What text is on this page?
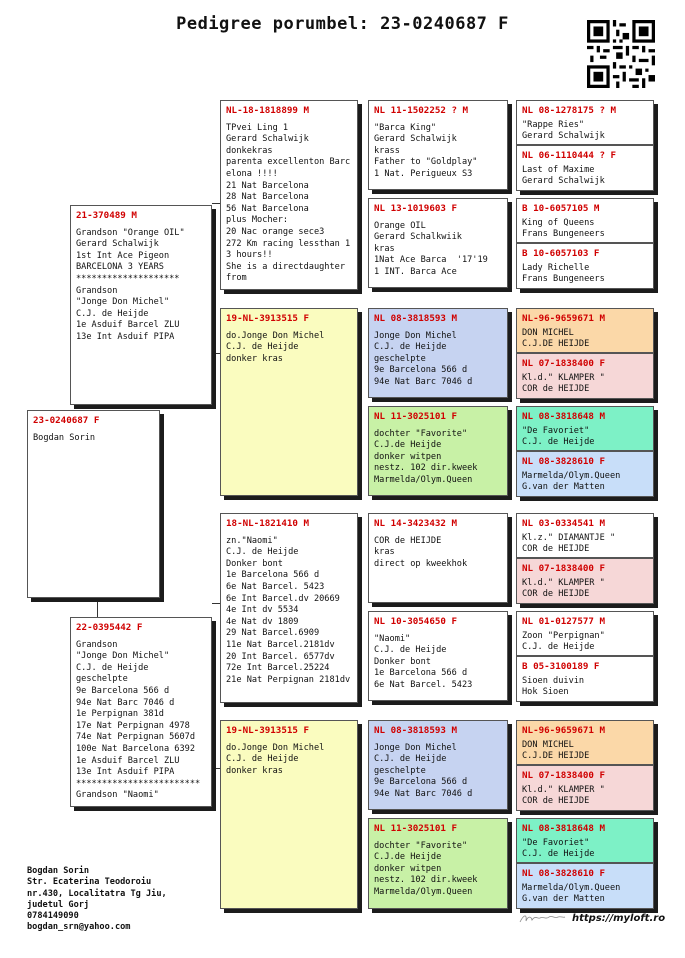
Pedigree porumbel: 23-0240687 F
23-0240687 F
Bogdan Sorin
21-370489 M
Grandson "Orange OIL"
Gerard Schalwijk
1st Int Ace Pigeon
BARCELONA 3 YEARS
********************
Grandson
"Jonge Don Michel"
C.J. de Heijde
1e Asduif Barcel ZLU
13e Int Asduif PIPA
22-0395442 F
Grandson
"Jonge Don Michel"
C.J. de Heijde
geschelpte
9e Barcelona 566 d
94e Nat Barc 7046 d
1e Perpignan 381d
17e Nat Perpignan 4978
74e Nat Perpignan 5607d
100e Nat Barcelona 6392
1e Asduif Barcel ZLU
13e Int Asduif PIPA
************************
Grandson "Naomi"
NL-18-1818899 M
TPvei Ling 1
Gerard Schalwijk
donkekras
parenta excellenton Barc
elona !!!!
21 Nat Barcelona
28 Nat Barcelona
56 Nat Barcelona
plus Mocher:
20 Nac orange sece3
272 Km racing lessthan 1
3 hours!!
She is a directdaughter
from
19-NL-3913515 F
do.Jonge Don Michel
C.J. de Heijde
donker kras
18-NL-1821410 M
zn."Naomi"
C.J. de Heijde
Donker bont
1e Barcelona 566 d
6e Nat Barcel. 5423
6e Int Barcel.dv 20669
4e Int dv 5534
4e Nat dv 1809
29 Nat Barcel.6909
11e Nat Barcel.2181dv
20 Int Barcel. 6577dv
72e Int Barcel.25224
21e Nat Perpignan 2181dv
19-NL-3913515 F
do.Jonge Don Michel
C.J. de Heijde
donker kras
NL 11-1502252 ? M
"Barca King"
Gerard Schalwijk
krass
Father to "Goldplay"
1 Nat. Perigueux S3
NL 13-1019603 F
Orange OIL
Gerard Schalkwiik
kras
1Nat Ace Barca  '17'19
1 INT. Barca Ace
NL 08-3818593 M
Jonge Don Michel
C.J. de Heijde
geschelpte
9e Barcelona 566 d
94e Nat Barc 7046 d
NL 11-3025101 F
dochter "Favorite"
C.J.de Heijde
donker witpen
nestz. 102 dir.kweek
Marmelda/Olym.Queen
NL 14-3423432 M
COR de HEIJDE
kras
direct op kweekhok
NL 10-3054650 F
"Naomi"
C.J. de Heijde
Donker bont
1e Barcelona 566 d
6e Nat Barcel. 5423
NL 08-3818593 M
Jonge Don Michel
C.J. de Heijde
geschelpte
9e Barcelona 566 d
94e Nat Barc 7046 d
NL 11-3025101 F
dochter "Favorite"
C.J.de Heijde
donker witpen
nestz. 102 dir.kweek
Marmelda/Olym.Queen
NL 08-1278175 ? M
"Rappe Ries"
Gerard Schalwijk
NL 06-1110444 ? F
Last of Maxime
Gerard Schalwijk
B 10-6057105 M
King of Queens
Frans Bungeneers
B 10-6057103 F
Lady Richelle
Frans Bungeneers
NL-96-9659671 M
DON MICHEL
C.J.DE HEIJDE
NL 07-1838400 F
Kl.d." KLAMPER "
COR de HEIJDE
NL 08-3818648 M
"De Favoriet"
C.J. de Heijde
NL 08-3828610 F
Marmelda/Olym.Queen
G.van der Matten
NL 03-0334541 M
Kl.z." DIAMANTJE "
COR de HEIJDE
NL 07-1838400 F
Kl.d." KLAMPER "
COR de HEIJDE
NL 01-0127577 M
Zoon "Perpignan"
C.J. de Heijde
B 05-3100189 F
Sioen duivin
Hok Sioen
NL-96-9659671 M
DON MICHEL
C.J.DE HEIJDE
NL 07-1838400 F
Kl.d." KLAMPER "
COR de HEIJDE
NL 08-3818648 M
"De Favoriet"
C.J. de Heijde
NL 08-3828610 F
Marmelda/Olym.Queen
G.van der Matten
Bogdan Sorin
Str. Ecaterina Teodoroiu
nr.430, Localitatra Tg Jiu,
judetul Gorj
0784149090
bogdan_srn@yahoo.com
https://myloft.ro
